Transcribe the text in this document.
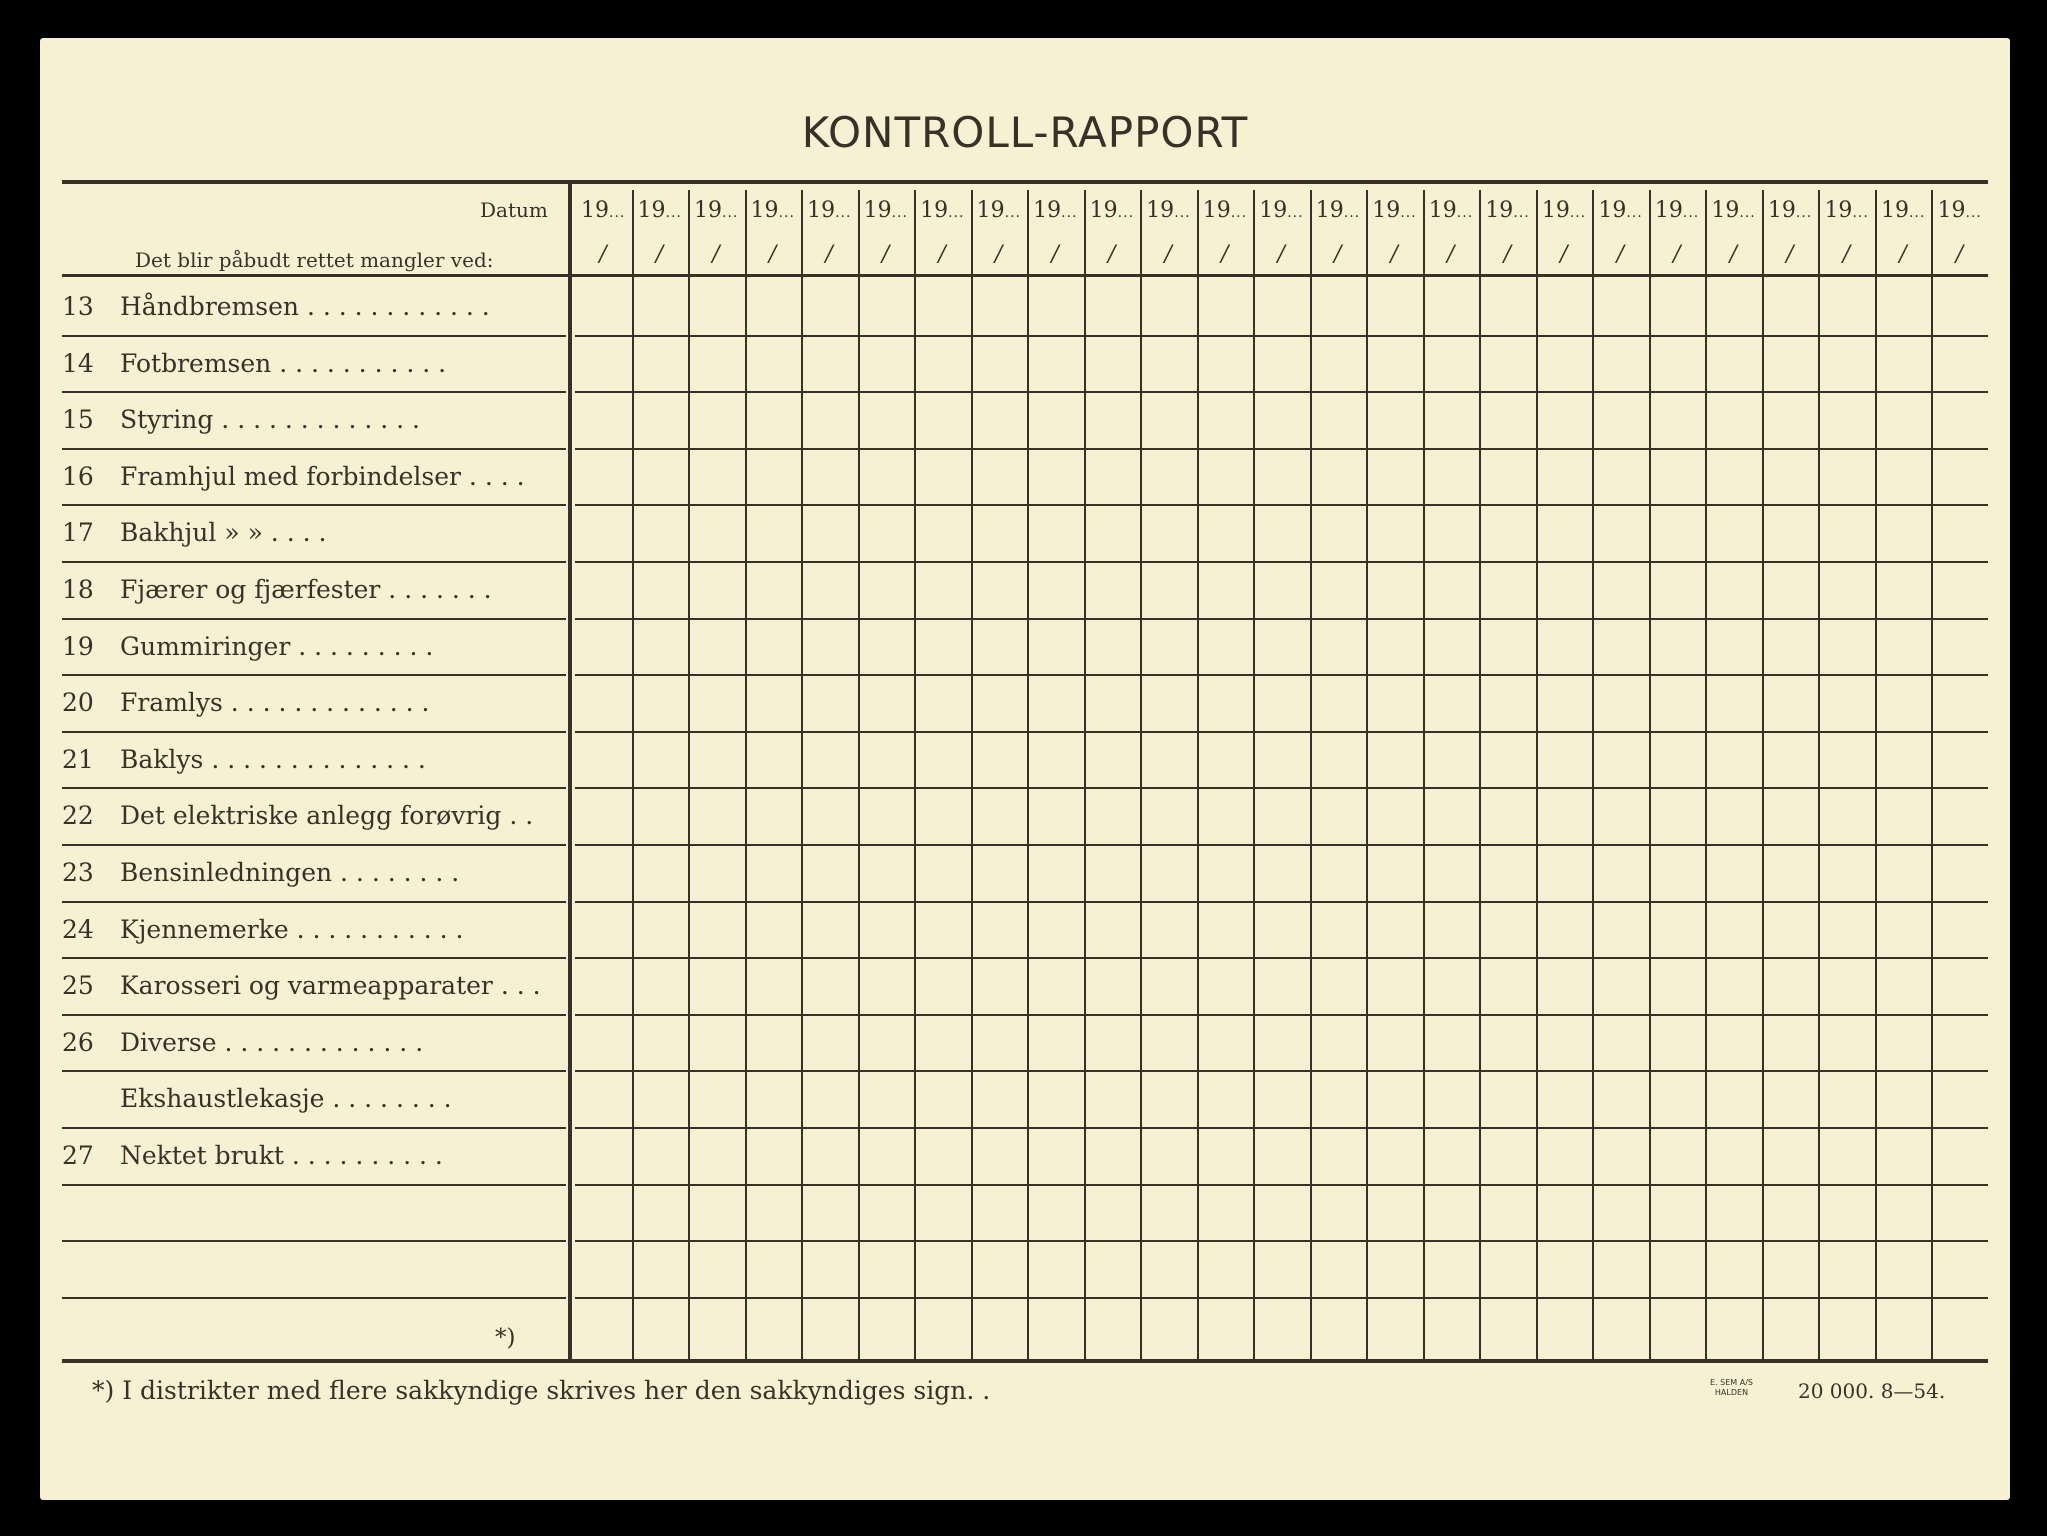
KONTROLL-RAPPORT
Datum
Det blir påbudt rettet mangler ved:
19...
/
19...
/
19...
/
19...
/
19...
/
19...
/
19...
/
19...
/
19...
/
19...
/
19...
/
19...
/
19...
/
19...
/
19...
/
19...
/
19...
/
19...
/
19...
/
19...
/
19...
/
19...
/
19...
/
19...
/
19...
/
13	Håndbremsen . . . . . . . . . . . .
14	Fotbremsen . . . . . . . . . . .
15	Styring . . . . . . . . . . . . .
16	Framhjul med forbindelser . . . .
17	Bakhjul » » . . . .
18	Fjærer og fjærfester . . . . . . .
19	Gummiringer . . . . . . . . .
20	Framlys . . . . . . . . . . . . .
21	Baklys . . . . . . . . . . . . . .
22	Det elektriske anlegg forøvrig . .
23	Bensinledningen . . . . . . . .
24	Kjennemerke . . . . . . . . . . .
25	Karosseri og varmeapparater . . .
26	Diverse . . . . . . . . . . . . .
Ekshaustlekasje . . . . . . . .
27	Nektet brukt . . . . . . . . . .
*)
*) I distrikter med flere sakkyndige skrives her den sakkyndiges sign. .	E. SEM A/S
HALDEN 20 000. 8—54.
